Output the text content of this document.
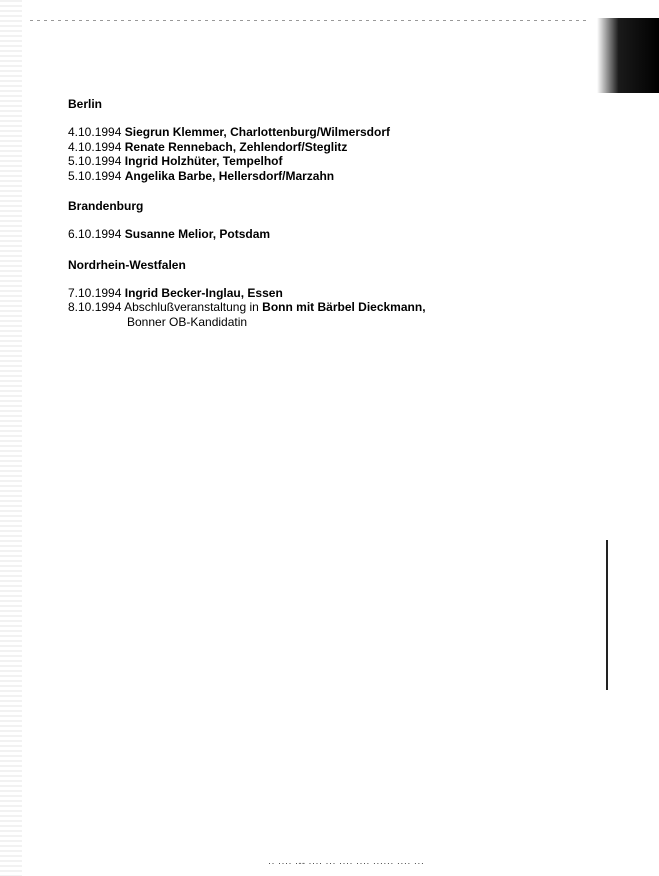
Berlin

4.10.1994 Siegrun Klemmer, Charlottenburg/Wilmersdorf
4.10.1994 Renate Rennebach, Zehlendorf/Steglitz
5.10.1994 Ingrid Holzhüter, Tempelhof
5.10.1994 Angelika Barbe, Hellersdorf/Marzahn

Brandenburg

6.10.1994 Susanne Melior, Potsdam

Nordrhein-Westfalen

7.10.1994 Ingrid Becker-Inglau, Essen
8.10.1994 Abschlußveranstaltung in Bonn mit Bärbel Dieckmann,
Bonner OB-Kandidatin
·· ···· ·-- ···· ··· ···· ···· ······ ···· ···
